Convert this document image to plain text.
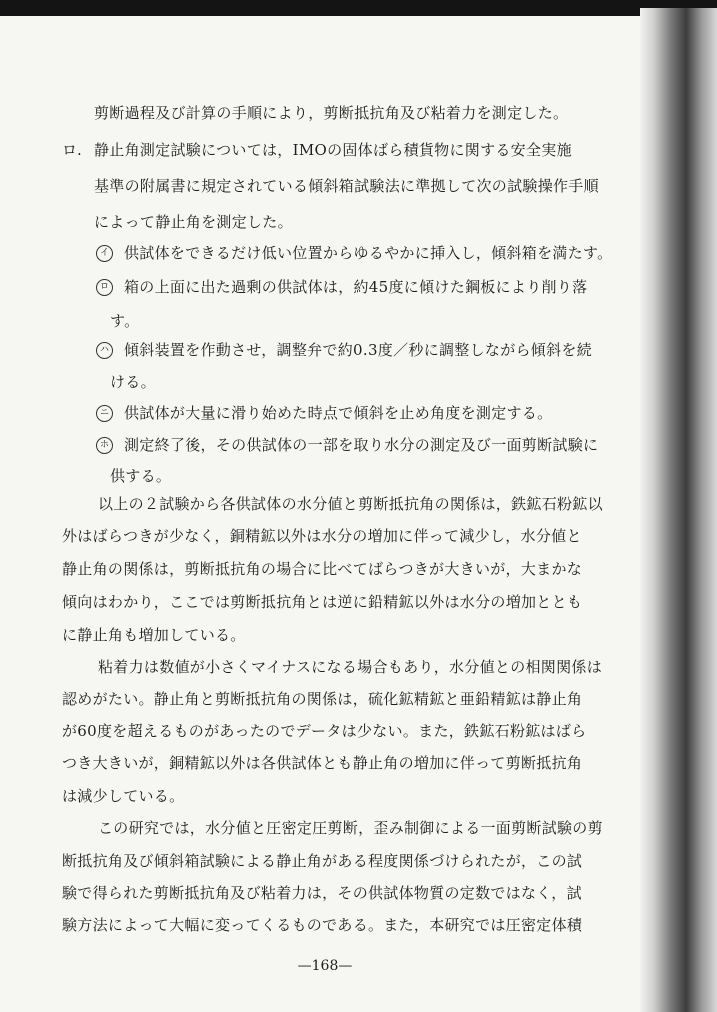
剪断過程及び計算の手順により，剪断抵抗角及び粘着力を測定した。

ロ. 静止角測定試験については，IMOの固体ばら積貨物に関する安全実施

基準の附属書に規定されている傾斜箱試験法に準拠して次の試験操作手順

によって静止角を測定した。

イ 供試体をできるだけ低い位置からゆるやかに挿入し，傾斜箱を満たす。

ロ 箱の上面に出た過剰の供試体は，約45度に傾けた鋼板により削り落

す。

ハ 傾斜装置を作動させ，調整弁で約0.3度／秒に調整しながら傾斜を続

ける。

ニ 供試体が大量に滑り始めた時点で傾斜を止め角度を測定する。

ホ 測定終了後，その供試体の一部を取り水分の測定及び一面剪断試験に

供する。

以上の２試験から各供試体の水分値と剪断抵抗角の関係は，鉄鉱石粉鉱以

外はばらつきが少なく，銅精鉱以外は水分の増加に伴って減少し，水分値と

静止角の関係は，剪断抵抗角の場合に比べてばらつきが大きいが，大まかな

傾向はわかり，ここでは剪断抵抗角とは逆に鉛精鉱以外は水分の増加ととも

に静止角も増加している。

粘着力は数値が小さくマイナスになる場合もあり，水分値との相関関係は

認めがたい。静止角と剪断抵抗角の関係は，硫化鉱精鉱と亜鉛精鉱は静止角

が60度を超えるものがあったのでデータは少ない。また，鉄鉱石粉鉱はばら

つき大きいが，銅精鉱以外は各供試体とも静止角の増加に伴って剪断抵抗角

は減少している。

この研究では，水分値と圧密定圧剪断，歪み制御による一面剪断試験の剪

断抵抗角及び傾斜箱試験による静止角がある程度関係づけられたが，この試

験で得られた剪断抵抗角及び粘着力は，その供試体物質の定数ではなく，試

験方法によって大幅に変ってくるものである。また，本研究では圧密定体積

—168—
